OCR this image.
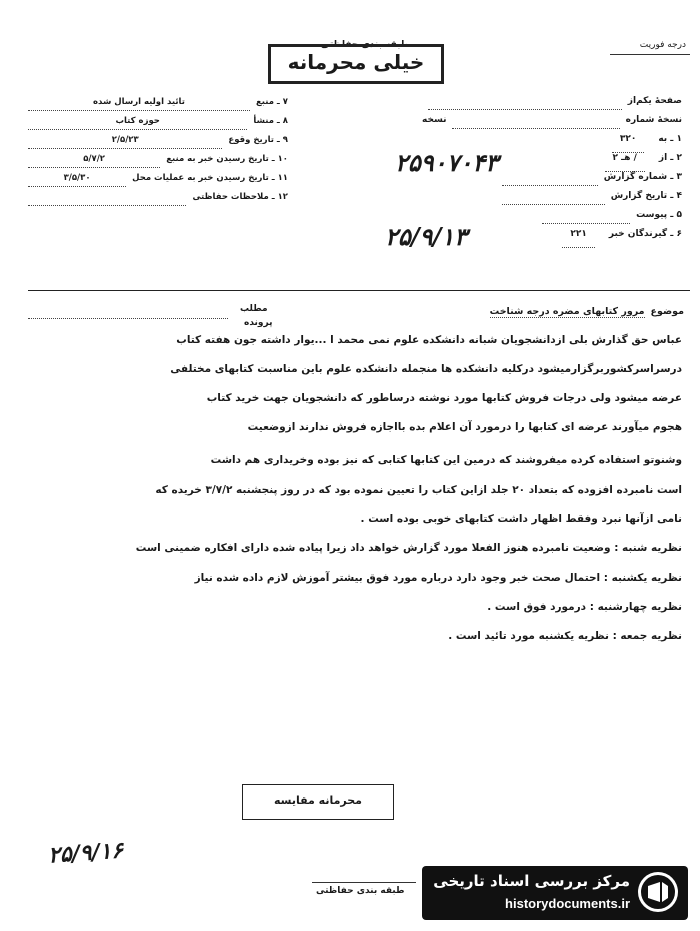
درجه فوریت
طبقه بندی حفاظتی
خیلی محرمانه
صفحهٔ یکم
از
نسخهٔ شماره
نسخه
۱ ـ به
۳۲۰
۲ ـ از
/ هـ ۲
۳ ـ شماره گزارش
۴ ـ تاریخ گزارش
۵ ـ پیوست
۶ ـ گیرندگان خبر
۲۲۱
۷ ـ منبع
تائید اولیه ارسال شده
۸ ـ منشأ
حوزه کتاب
۹ ـ تاریخ وقوع
۲/۵/۲۳
۱۰ ـ تاریخ رسیدن خبر به منبع
۵/۷/۲
۱۱ ـ تاریخ رسیدن خبر به عملیات محل
۳/۵/۳۰
۱۲ ـ ملاحظات حفاظتی
۲۵۹۰۷۰۴۳
۲۵/۹/۱۳
موضوع
مرور کتابهای مضره درجه شناخت
مطلب
پرونده
عباس حق گذارش بلی ازدانشجویان شبانه دانشکده علوم نمی محمد ا ...یوار داشته جون هفته کتاب
درسراسرکشوربرگزارمیشود درکلیه دانشکده ها منجمله دانشکده علوم باین مناسبت کتابهای مختلفی
عرضه میشود ولی درجات فروش کتابها مورد نوشته درساطور که دانشجویان جهت خرید کتاب
هجوم میآورند عرضه ای کتابها را درمورد آن اعلام بده بااجازه فروش ندارند ازوضعیت
وشنوتو استفاده کرده میفروشند که درمین این کتابها کتابی که نیز بوده وخریداری هم داشت
است نامبرده افزوده که بتعداد ۲۰ جلد ازاین کتاب را تعیین نموده بود که در روز پنجشنبه ۳/۷/۲ خریده که
نامی ازآنها نبرد وفقط اظهار داشت کتابهای خوبی بوده است .
نظریه شنبه : وضعیت نامبرده هنوز الفعلا مورد گزارش خواهد داد زیرا پیاده شده دارای افکاره ضمینی است
نظریه یکشنبه : احتمال صحت خبر وجود دارد درباره مورد فوق بیشتر آموزش لازم داده شده نیاز
نظریه چهارشنبه : درمورد فوق است .
نظریه جمعه : نظریه یکشنبه مورد تائید است .
محرمانه مقایسه
۲۵/۹/۱۶
طبقه بندی حفاظتی
مرکز بررسی اسناد تاریخی
historydocuments.ir
